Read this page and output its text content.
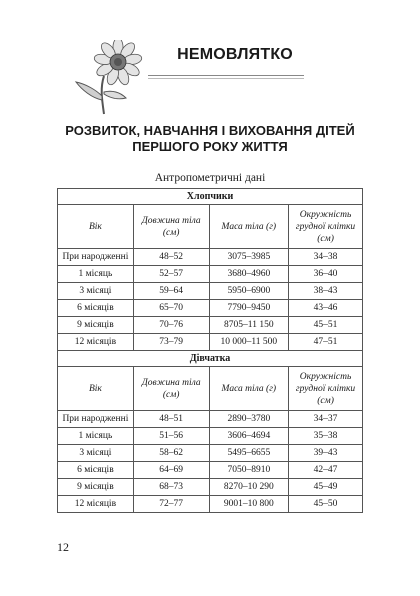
НЕМОВЛЯТКО
РОЗВИТОК, НАВЧАННЯ І ВИХОВАННЯ ДІТЕЙ
ПЕРШОГО РОКУ ЖИТТЯ

Антропометричні дані

Хлопчики			
Вік	Довжина тіла (см)	Маса тіла (г)	Окружність грудної клітки (см)
При народженні	48–52	3075–3985	34–38
1 місяць	52–57	3680–4960	36–40
3 місяці	59–64	5950–6900	38–43
6 місяців	65–70	7790–9450	43–46
9 місяців	70–76	8705–11 150	45–51
12 місяців	73–79	10 000–11 500	47–51
Дівчатка			
Вік	Довжина тіла (см)	Маса тіла (г)	Окружність грудної клітки (см)
При народженні	48–51	2890–3780	34–37
1 місяць	51–56	3606–4694	35–38
3 місяці	58–62	5495–6655	39–43
6 місяців	64–69	7050–8910	42–47
9 місяців	68–73	8270–10 290	45–49
12 місяців	72–77	9001–10 800	45–50

12
